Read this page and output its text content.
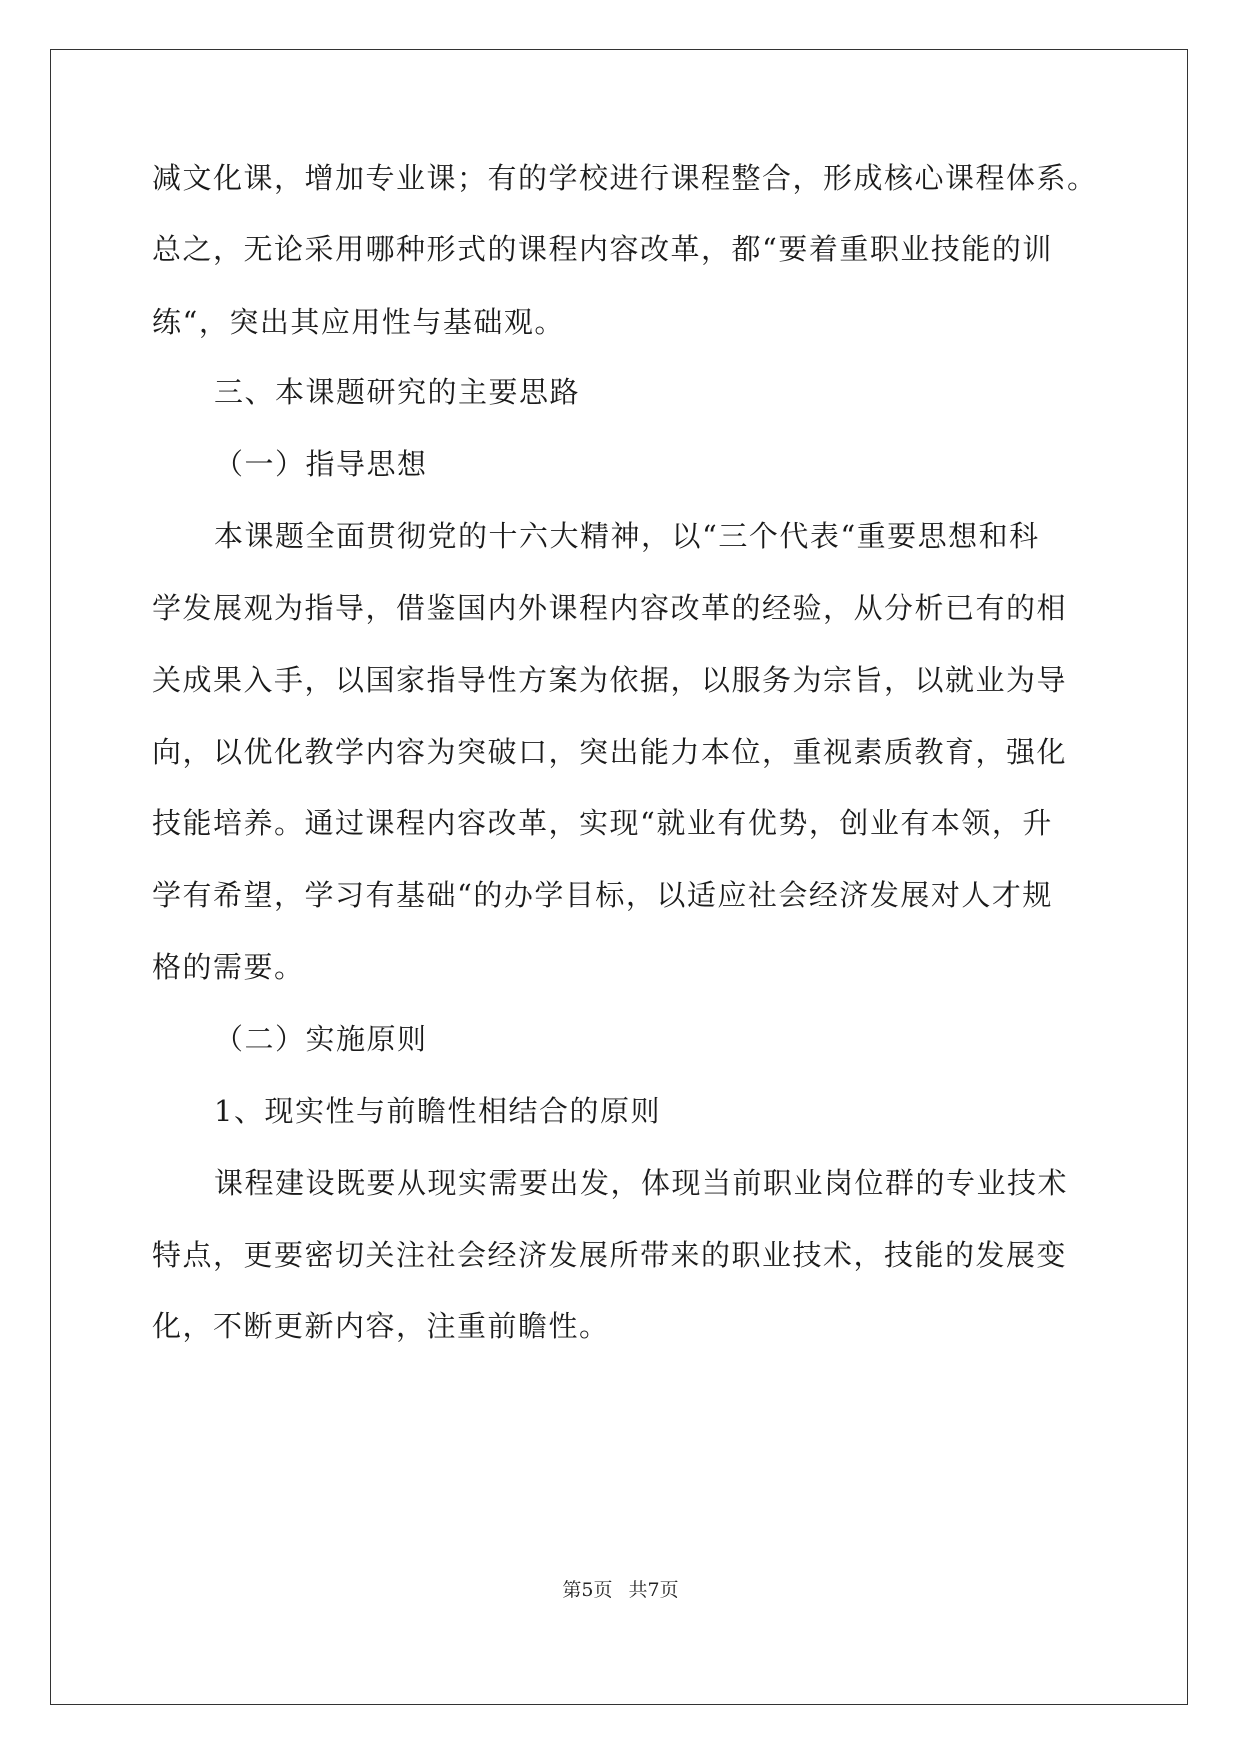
减文化课，增加专业课；有的学校进行课程整合，形成核心课程体系。
总之，无论采用哪种形式的课程内容改革，都“要着重职业技能的训
练“，突出其应用性与基础观。
三、本课题研究的主要思路
（一）指导思想
本课题全面贯彻党的十六大精神，以“三个代表“重要思想和科
学发展观为指导，借鉴国内外课程内容改革的经验，从分析已有的相
关成果入手，以国家指导性方案为依据，以服务为宗旨，以就业为导
向，以优化教学内容为突破口，突出能力本位，重视素质教育，强化
技能培养。通过课程内容改革，实现“就业有优势，创业有本领，升
学有希望，学习有基础“的办学目标，以适应社会经济发展对人才规
格的需要。
（二）实施原则
1、现实性与前瞻性相结合的原则
课程建设既要从现实需要出发，体现当前职业岗位群的专业技术
特点，更要密切关注社会经济发展所带来的职业技术，技能的发展变
化，不断更新内容，注重前瞻性。
第5页 共7页
